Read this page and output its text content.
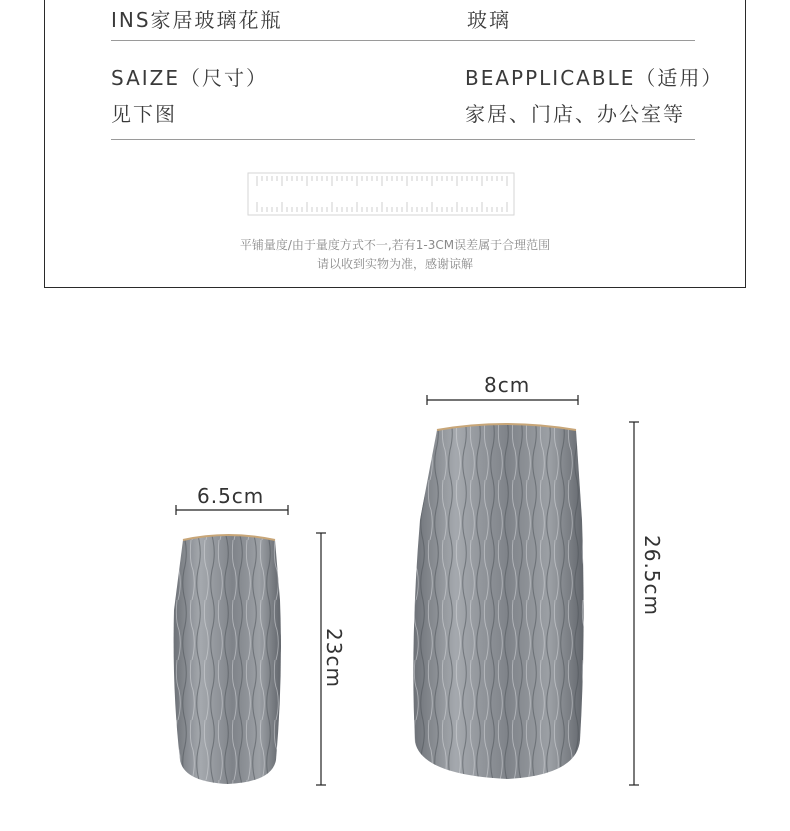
INS家居玻璃花瓶	玻璃
SAIZE（尺寸）
见下图
BEAPPLICABLE（适用）
家居、门店、办公室等
平铺量度/由于量度方式不一,若有1-3CM误差属于合理范围
请以收到实物为准，感谢谅解
6.5cm
23cm
8cm
26.5cm
